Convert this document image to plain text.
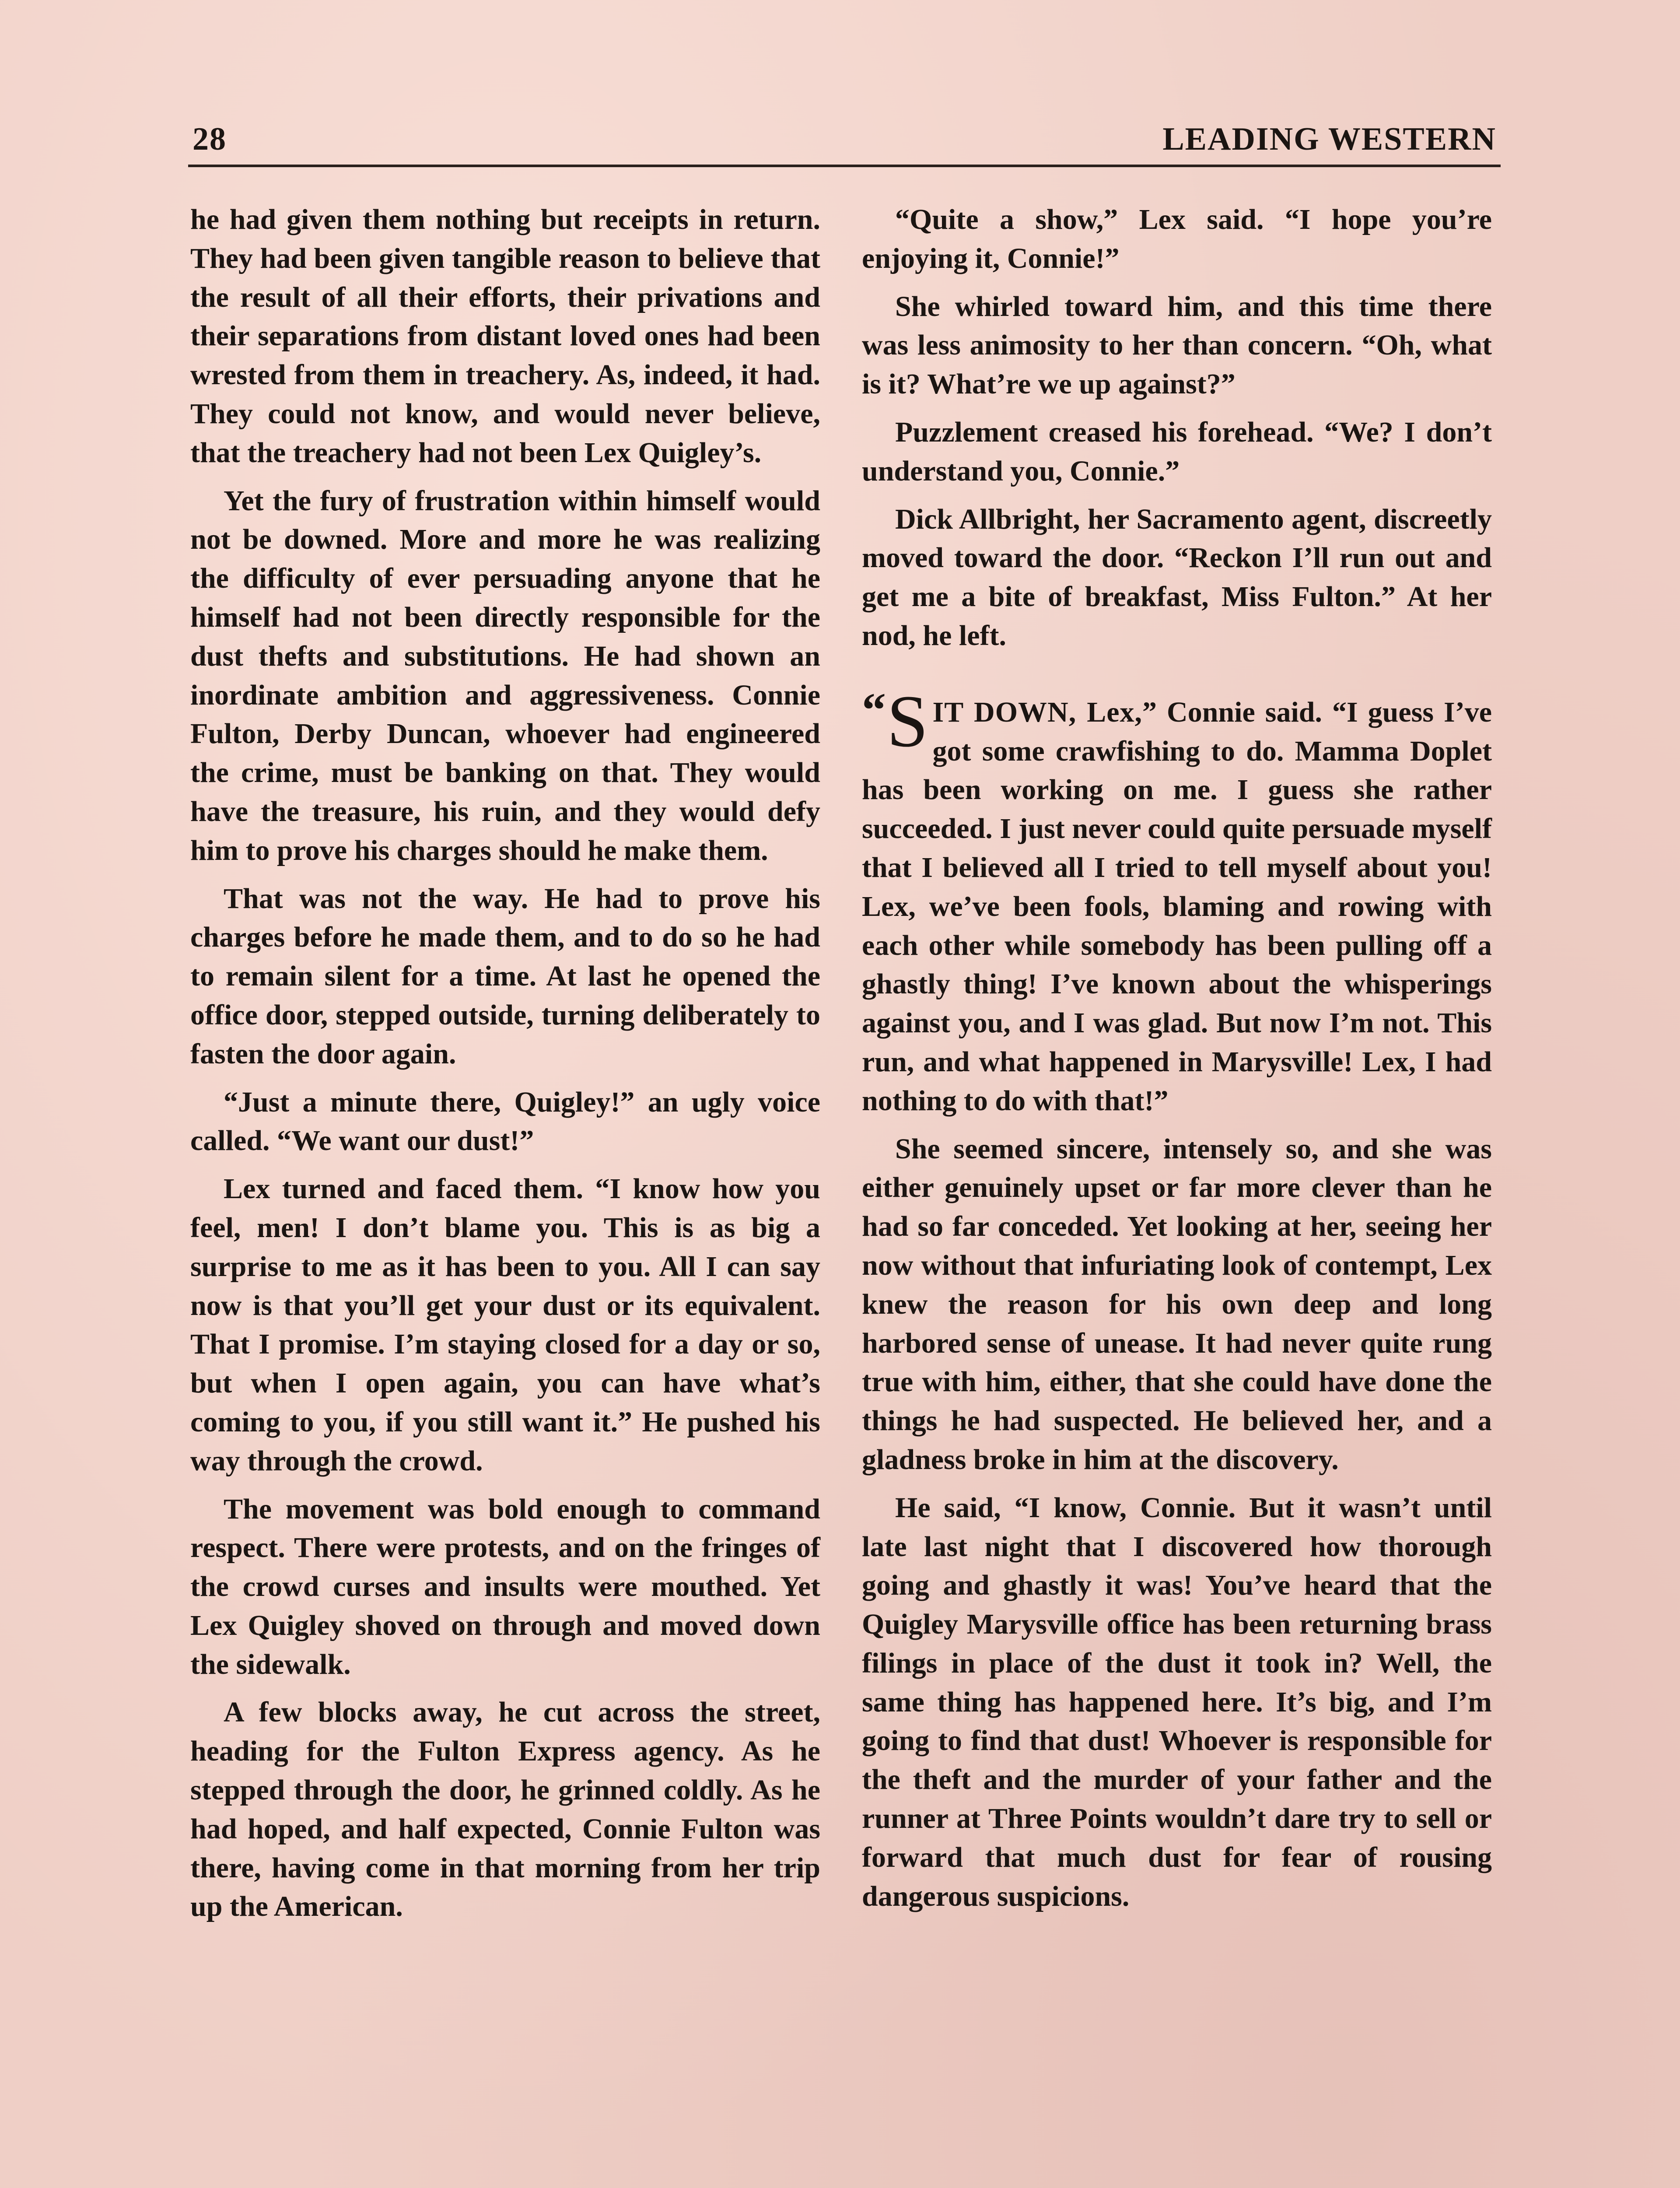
28	LEADING WESTERN

he had given them nothing but receipts in return. They had been given tangible reason to believe that the result of all their efforts, their privations and their separations from distant loved ones had been wrested from them in treachery. As, indeed, it had. They could not know, and would never believe, that the treachery had not been Lex Quigley’s.

Yet the fury of frustration within himself would not be downed. More and more he was realizing the difficulty of ever persuading anyone that he himself had not been directly responsible for the dust thefts and substitutions. He had shown an inordinate ambition and aggressiveness. Connie Fulton, Derby Duncan, whoever had engineered the crime, must be banking on that. They would have the treasure, his ruin, and they would defy him to prove his charges should he make them.

That was not the way. He had to prove his charges before he made them, and to do so he had to remain silent for a time. At last he opened the office door, stepped outside, turning deliberately to fasten the door again.

“Just a minute there, Quigley!” an ugly voice called. “We want our dust!”

Lex turned and faced them. “I know how you feel, men! I don’t blame you. This is as big a surprise to me as it has been to you. All I can say now is that you’ll get your dust or its equivalent. That I promise. I’m staying closed for a day or so, but when I open again, you can have what’s coming to you, if you still want it.” He pushed his way through the crowd.

The movement was bold enough to command respect. There were protests, and on the fringes of the crowd curses and insults were mouthed. Yet Lex Quigley shoved on through and moved down the sidewalk.

A few blocks away, he cut across the street, heading for the Fulton Express agency. As he stepped through the door, he grinned coldly. As he had hoped, and half expected, Connie Fulton was there, having come in that morning from her trip up the American.

“Quite a show,” Lex said. “I hope you’re enjoying it, Connie!”

She whirled toward him, and this time there was less animosity to her than concern. “Oh, what is it? What’re we up against?”

Puzzlement creased his forehead. “We? I don’t understand you, Connie.”

Dick Allbright, her Sacramento agent, discreetly moved toward the door. “Reckon I’ll run out and get me a bite of breakfast, Miss Fulton.” At her nod, he left.

“S IT DOWN, Lex,” Connie said. “I guess I’ve got some crawfishing to do. Mamma Doplet has been working on me. I guess she rather succeeded. I just never could quite persuade myself that I believed all I tried to tell myself about you! Lex, we’ve been fools, blaming and rowing with each other while somebody has been pulling off a ghastly thing! I’ve known about the whisperings against you, and I was glad. But now I’m not. This run, and what happened in Marysville! Lex, I had nothing to do with that!”

She seemed sincere, intensely so, and she was either genuinely upset or far more clever than he had so far conceded. Yet looking at her, seeing her now without that infuriating look of contempt, Lex knew the reason for his own deep and long harbored sense of unease. It had never quite rung true with him, either, that she could have done the things he had suspected. He believed her, and a gladness broke in him at the discovery.

He said, “I know, Connie. But it wasn’t until late last night that I discovered how thorough going and ghastly it was! You’ve heard that the Quigley Marysville office has been returning brass filings in place of the dust it took in? Well, the same thing has happened here. It’s big, and I’m going to find that dust! Whoever is responsible for the theft and the murder of your father and the runner at Three Points wouldn’t dare try to sell or forward that much dust for fear of rousing dangerous suspicions.
